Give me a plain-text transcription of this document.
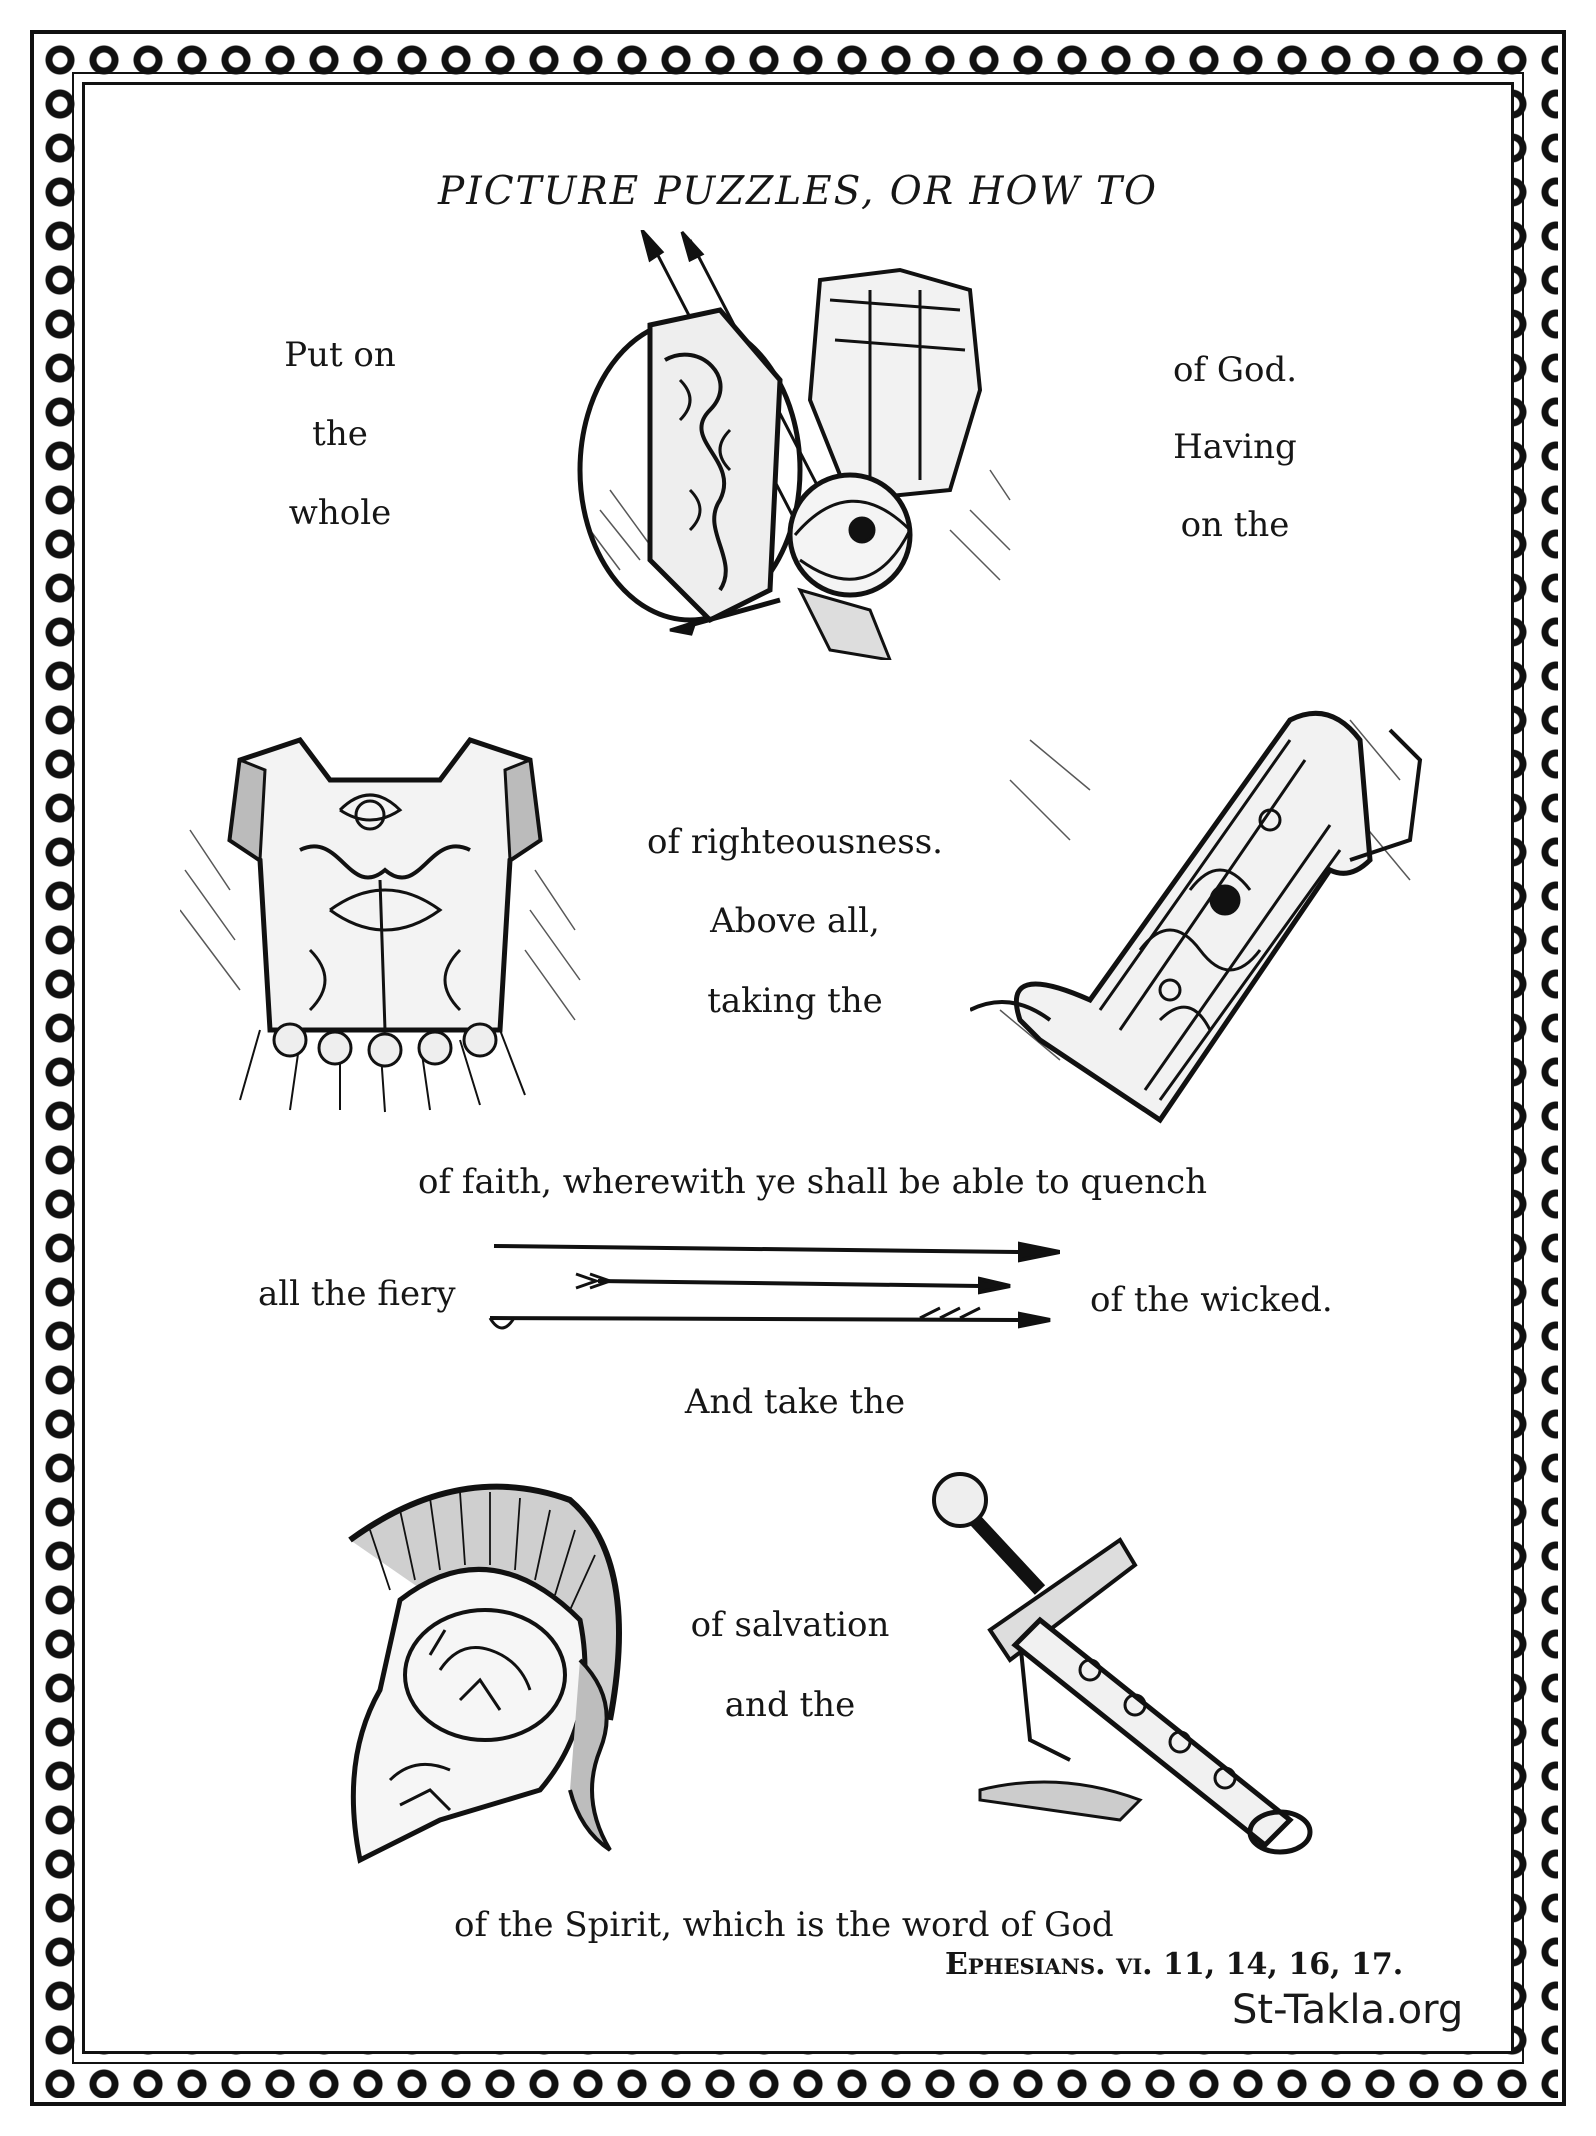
PICTURE PUZZLES, OR HOW TO
Put on
the
whole
of God.
Having
on the
of righteousness.
Above all,
taking the
of faith, wherewith ye shall be able to quench
all the fiery	of the wicked.
And take the
of salvation
and the
of the Spirit, which is the word of God
Ephesians. vi. 11, 14, 16, 17.
St-Takla.org
